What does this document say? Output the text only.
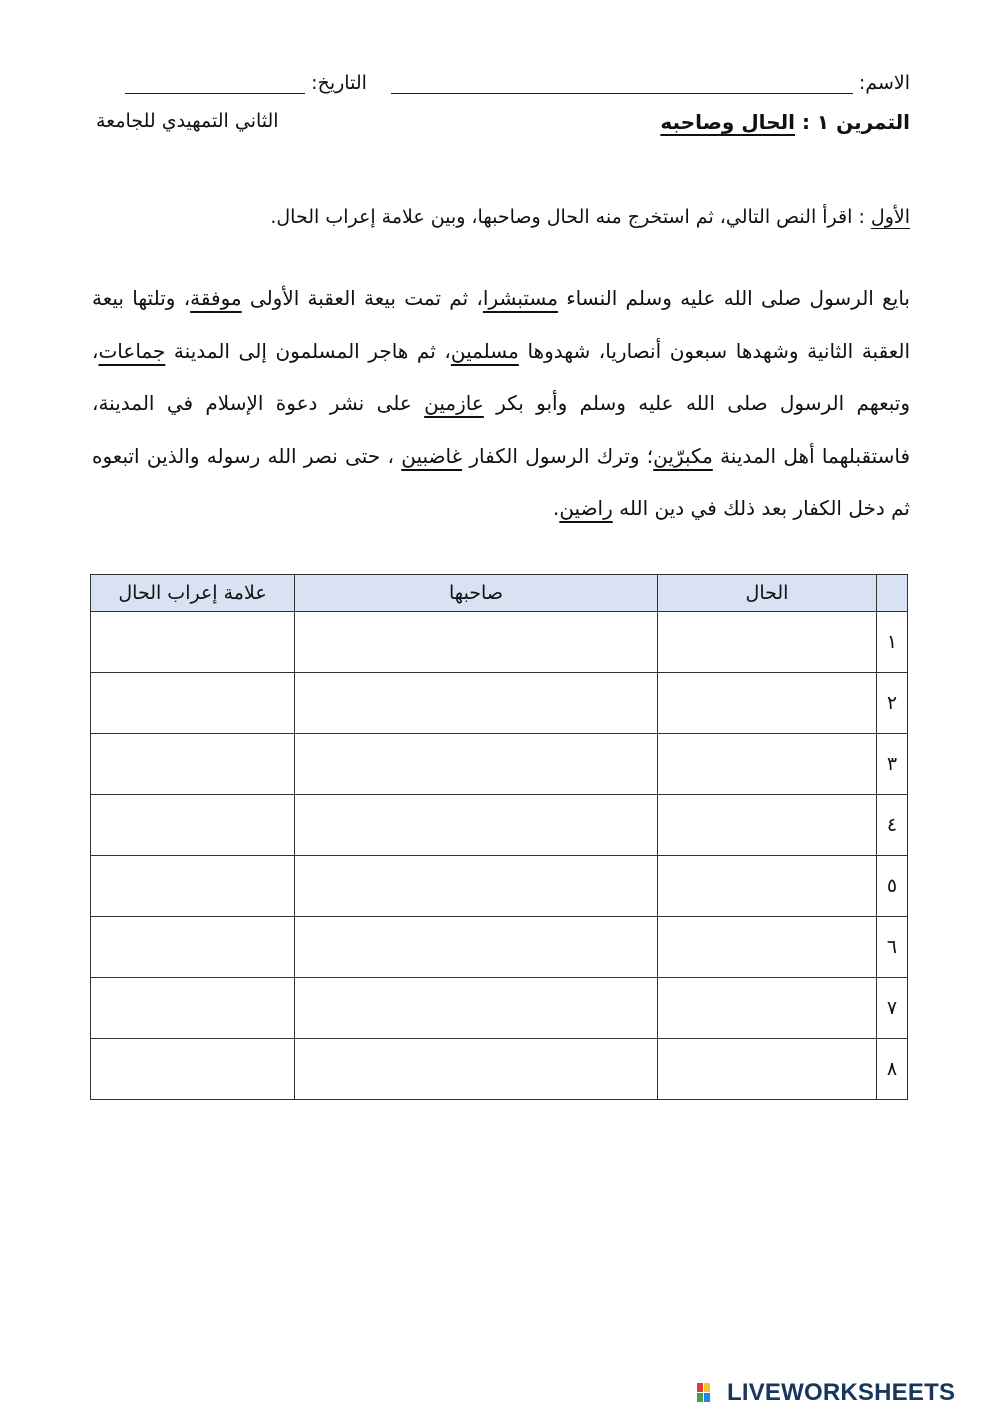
الاسم:
التاريخ:
التمرين ١ : الحال وصاحبه
الثاني التمهيدي للجامعة
الأول : اقرأ النص التالي، ثم استخرج منه الحال وصاحبها، وبين علامة إعراب الحال.
بايع الرسول صلى الله عليه وسلم النساء مستبشرا، ثم تمت بيعة العقبة الأولى موفقة، وتلتها بيعة العقبة الثانية وشهدها سبعون أنصاريا، شهدوها مسلمين، ثم هاجر المسلمون إلى المدينة جماعات، وتبعهم الرسول صلى الله عليه وسلم وأبو بكر عازمين على نشر دعوة الإسلام في المدينة، فاستقبلهما أهل المدينة مكبرّين؛ وترك الرسول الكفار غاضبين ، حتى نصر الله رسوله والذين اتبعوه ثم دخل الكفار بعد ذلك في دين الله راضين.
	الحال	صاحبها	علامة إعراب الحال
١			
٢			
٣			
٤			
٥			
٦			
٧			
٨			
LIVEWORKSHEETS
